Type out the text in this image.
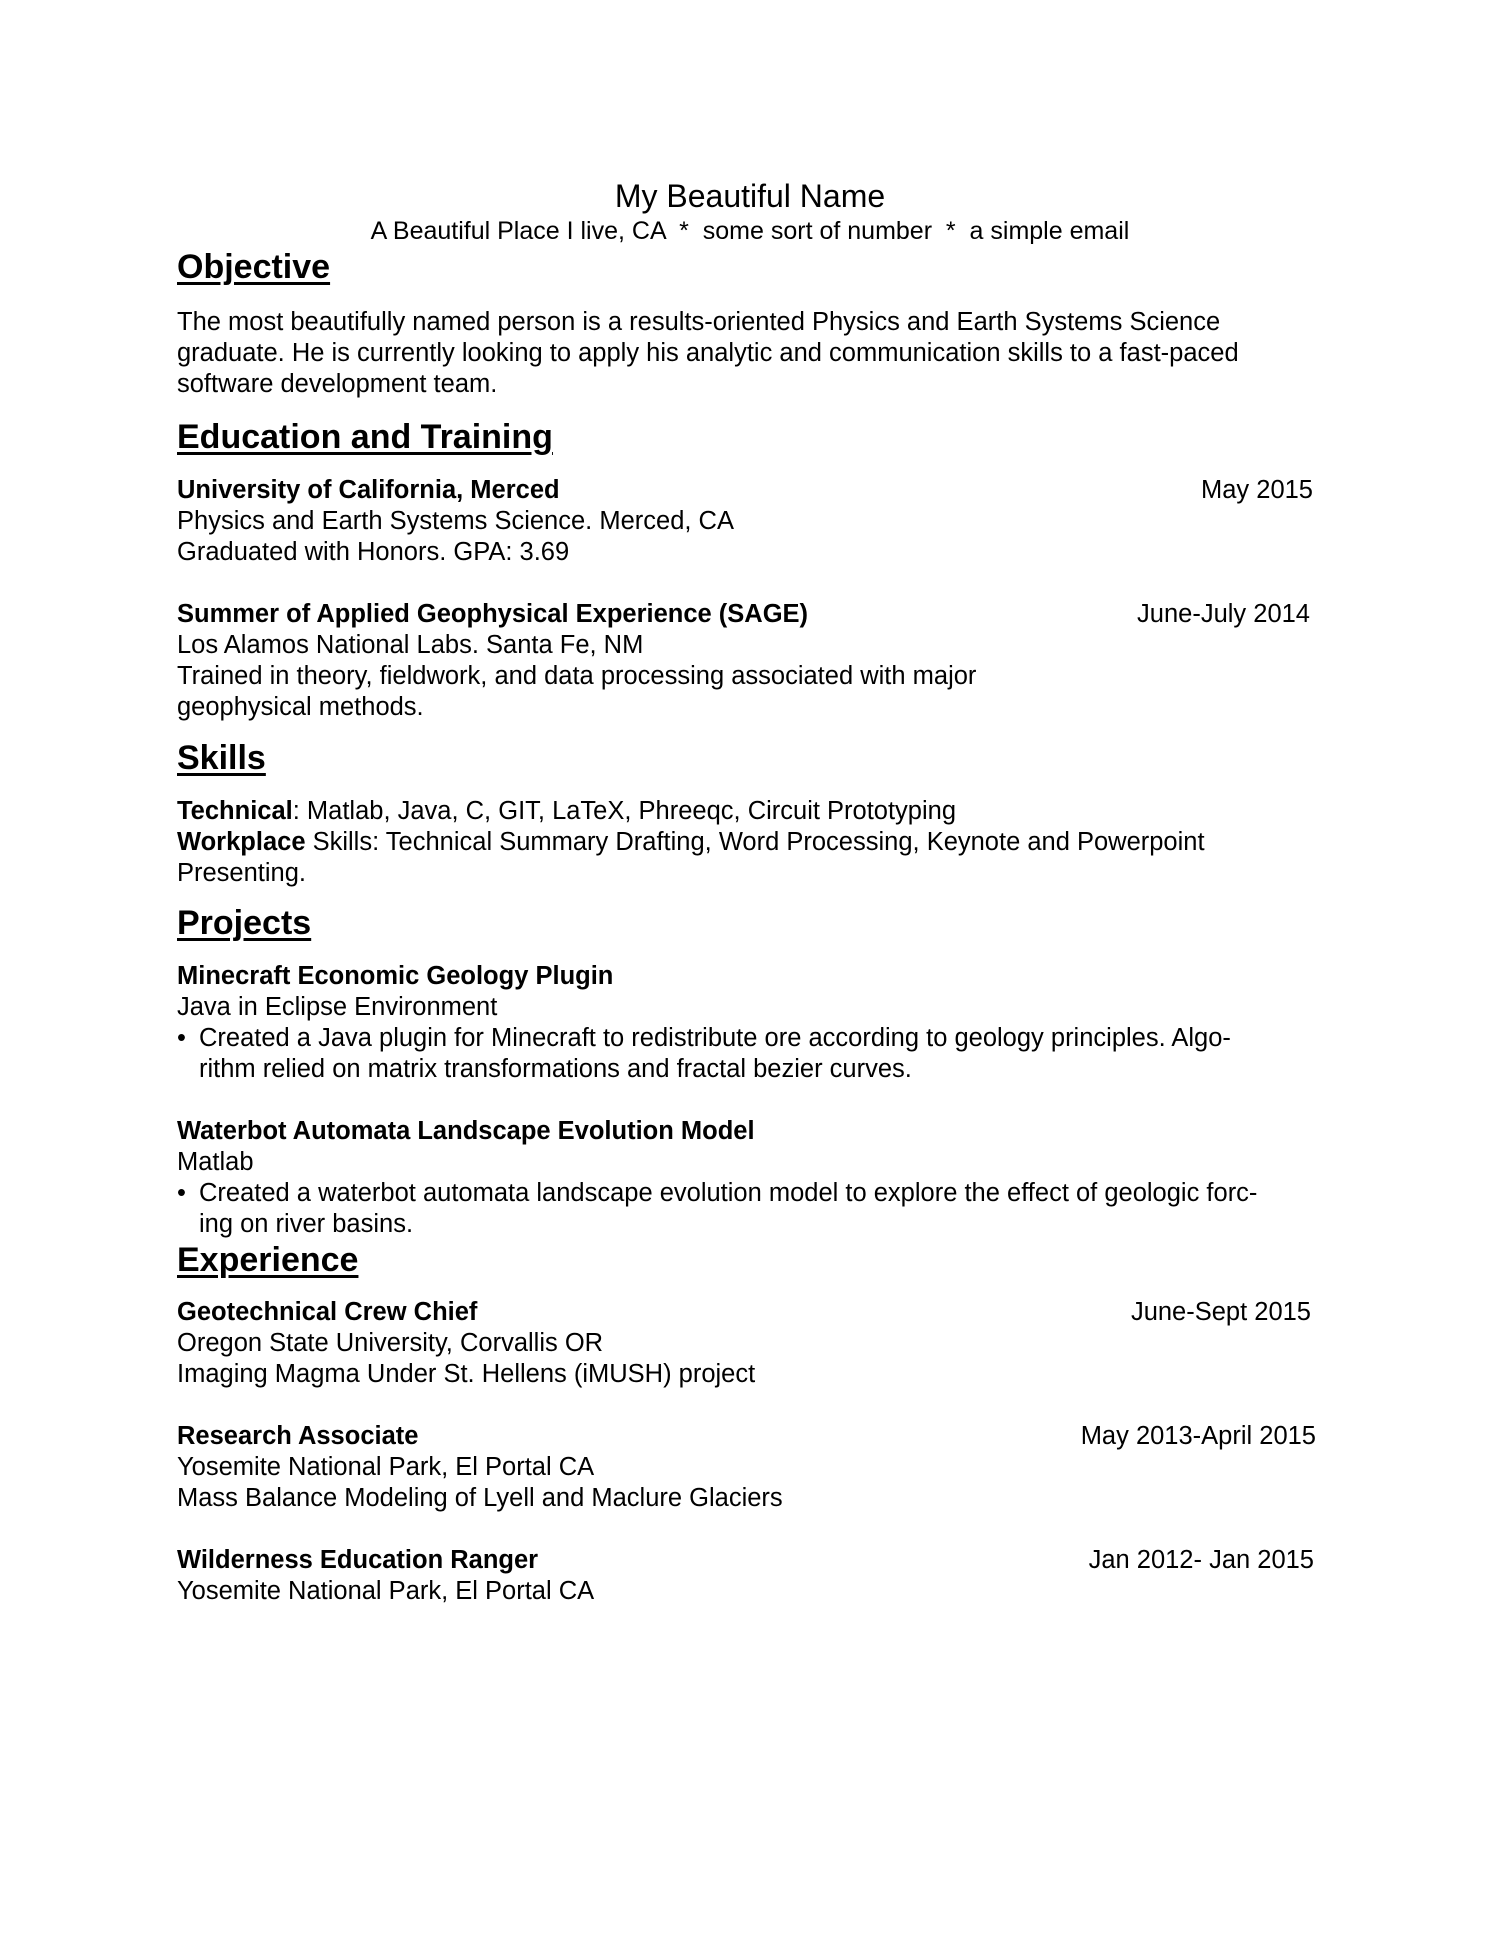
My Beautiful Name
A Beautiful Place I live, CA  *  some sort of number  *  a simple email
Objective
The most beautifully named person is a results-oriented Physics and Earth Systems Science
graduate. He is currently looking to apply his analytic and communication skills to a fast-paced
software development team.
Education and Training
University of California, Merced	May 2015
Physics and Earth Systems Science. Merced, CA
Graduated with Honors. GPA: 3.69
Summer of Applied Geophysical Experience (SAGE)	June-July 2014
Los Alamos National Labs. Santa Fe, NM
Trained in theory, fieldwork, and data processing associated with major
geophysical methods.
Skills
Technical: Matlab, Java, C, GIT, LaTeX, Phreeqc, Circuit Prototyping
Workplace Skills: Technical Summary Drafting, Word Processing, Keynote and Powerpoint
Presenting.
Projects
Minecraft Economic Geology Plugin
Java in Eclipse Environment
• Created a Java plugin for Minecraft to redistribute ore according to geology principles. Algo-
rithm relied on matrix transformations and fractal bezier curves.
Waterbot Automata Landscape Evolution Model
Matlab
• Created a waterbot automata landscape evolution model to explore the effect of geologic forc-
ing on river basins.
Experience
Geotechnical Crew Chief	June-Sept 2015
Oregon State University, Corvallis OR
Imaging Magma Under St. Hellens (iMUSH) project
Research Associate	May 2013-April 2015
Yosemite National Park, El Portal CA
Mass Balance Modeling of Lyell and Maclure Glaciers
Wilderness Education Ranger	Jan 2012- Jan 2015
Yosemite National Park, El Portal CA
